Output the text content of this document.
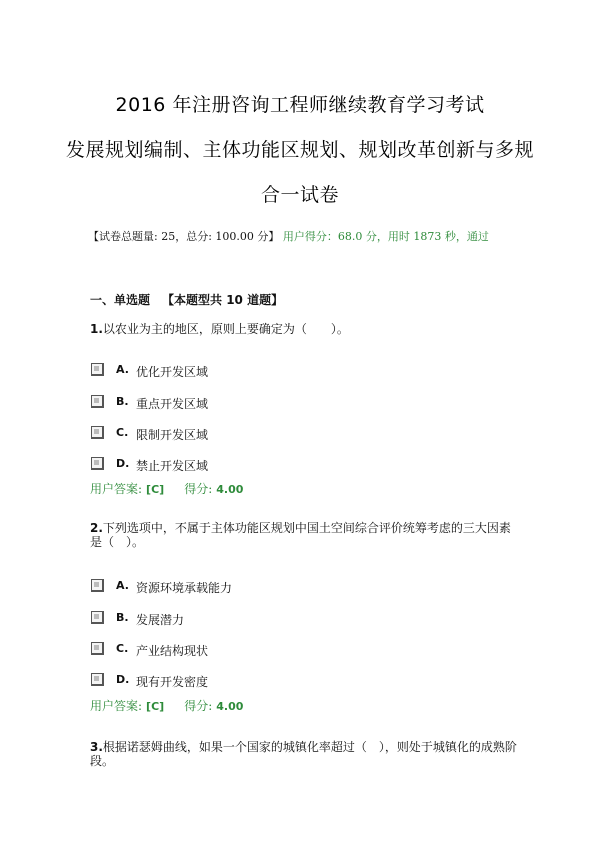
2016 年注册咨询工程师继续教育学习考试
发展规划编制、主体功能区规划、规划改革创新与多规
合一试卷
【试卷总题量: 25，总分: 100.00 分】 用户得分：68.0 分，用时 1873 秒，通过
一、单选题 【本题型共 10 道题】
1.以农业为主的地区，原则上要确定为（　　）。
A. 优化开发区域
B. 重点开发区域
C. 限制开发区域
D. 禁止开发区域
用户答案: [C] 得分: 4.00
2.下列选项中，不属于主体功能区规划中国土空间综合评价统筹考虑的三大因素是（　）。
A. 资源环境承载能力
B. 发展潜力
C. 产业结构现状
D. 现有开发密度
用户答案: [C] 得分: 4.00
3.根据诺瑟姆曲线，如果一个国家的城镇化率超过（　），则处于城镇化的成熟阶段。
